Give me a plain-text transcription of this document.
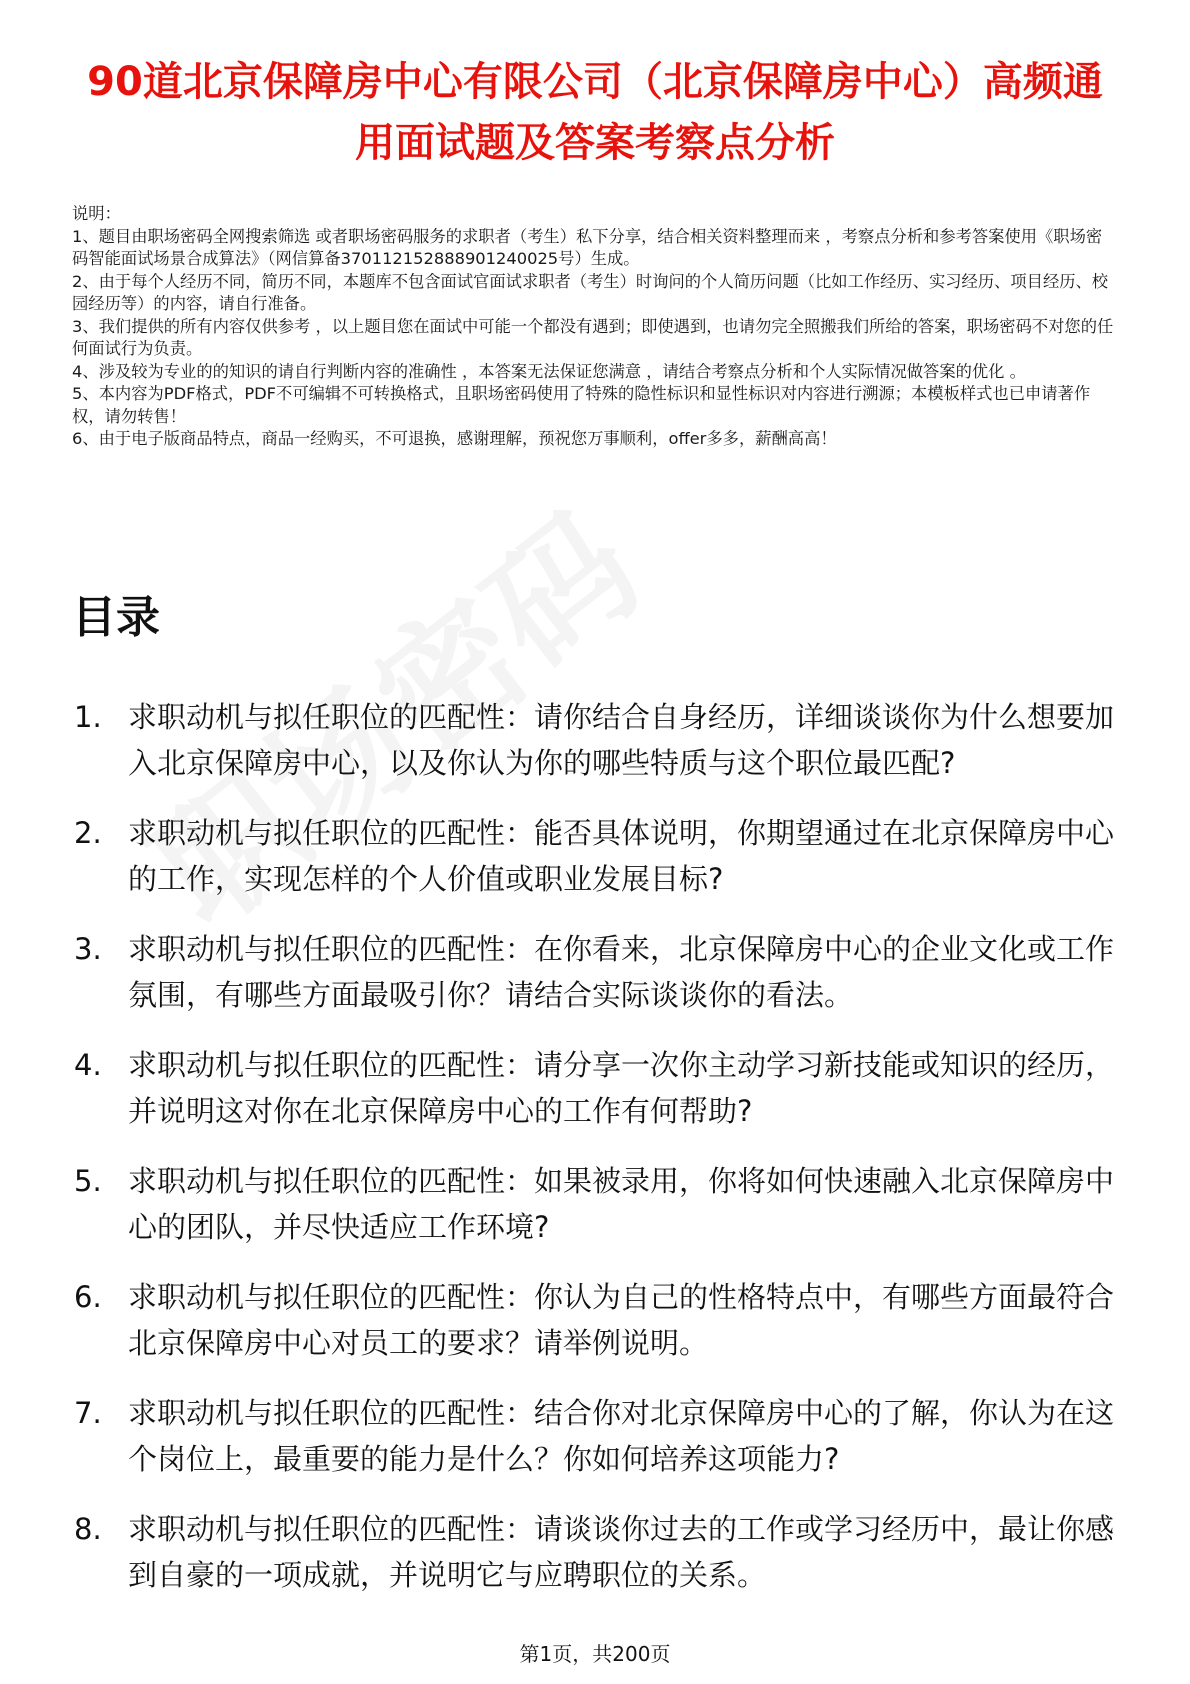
90道北京保障房中心有限公司（北京保障房中心）高频通用面试题及答案考察点分析

说明：

1、题目由职场密码全网搜索筛选 或者职场密码服务的求职者（考生）私下分享，结合相关资料整理而来 ，考察点分析和参考答案使用《职场密码智能面试场景合成算法》（网信算备370112152888901240025号）生成。

2、由于每个人经历不同，简历不同，本题库不包含面试官面试求职者（考生）时询问的个人简历问题（比如工作经历、实习经历、项目经历、校园经历等）的内容，请自行准备。

3、我们提供的所有内容仅供参考 ，以上题目您在面试中可能一个都没有遇到；即使遇到，也请勿完全照搬我们所给的答案，职场密码不对您的任何面试行为负责。

4、涉及较为专业的的知识的请自行判断内容的准确性 ，本答案无法保证您满意 ，请结合考察点分析和个人实际情况做答案的优化 。

5、本内容为PDF格式，PDF不可编辑不可转换格式，且职场密码使用了特殊的隐性标识和显性标识对内容进行溯源；本模板样式也已申请著作权，请勿转售！

6、由于电子版商品特点，商品一经购买，不可退换，感谢理解，预祝您万事顺利，offer多多，薪酬高高！

目录
1. 求职动机与拟任职位的匹配性：请你结合自身经历，详细谈谈你为什么想要加入北京保障房中心，以及你认为你的哪些特质与这个职位最匹配?
2. 求职动机与拟任职位的匹配性：能否具体说明，你期望通过在北京保障房中心的工作，实现怎样的个人价值或职业发展目标?
3. 求职动机与拟任职位的匹配性：在你看来，北京保障房中心的企业文化或工作氛围，有哪些方面最吸引你？请结合实际谈谈你的看法。
4. 求职动机与拟任职位的匹配性：请分享一次你主动学习新技能或知识的经历，并说明这对你在北京保障房中心的工作有何帮助?
5. 求职动机与拟任职位的匹配性：如果被录用，你将如何快速融入北京保障房中心的团队，并尽快适应工作环境?
6. 求职动机与拟任职位的匹配性：你认为自己的性格特点中，有哪些方面最符合北京保障房中心对员工的要求？请举例说明。
7. 求职动机与拟任职位的匹配性：结合你对北京保障房中心的了解，你认为在这个岗位上，最重要的能力是什么？你如何培养这项能力?
8. 求职动机与拟任职位的匹配性：请谈谈你过去的工作或学习经历中，最让你感到自豪的一项成就，并说明它与应聘职位的关系。
第1页，共200页
